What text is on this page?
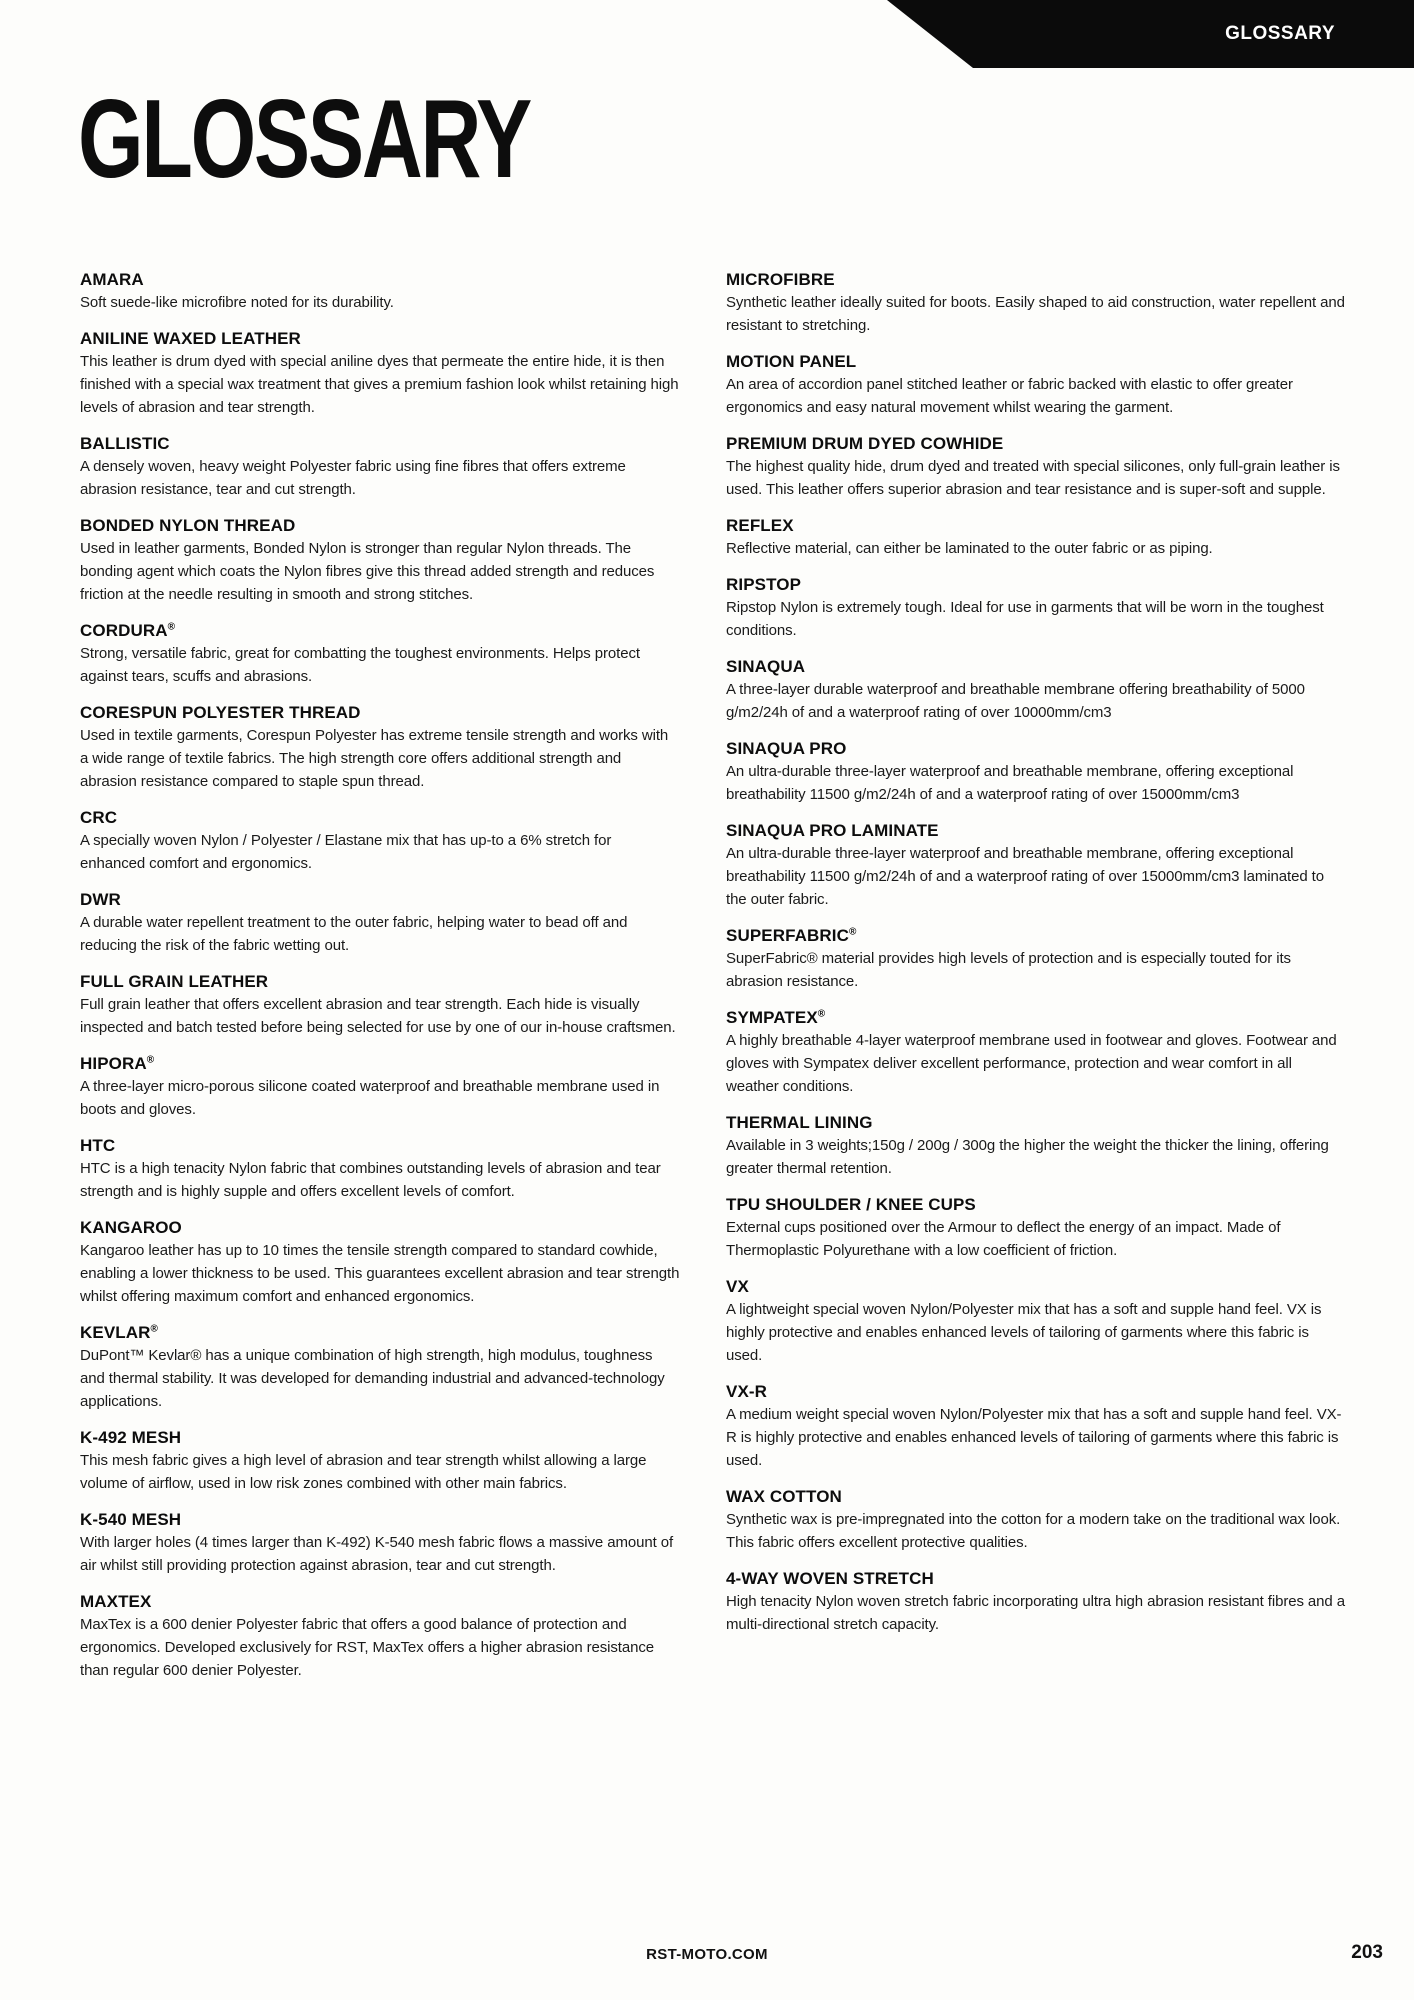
GLOSSARY
GLOSSARY
AMARA

Soft suede-like microfibre noted for its durability.

ANILINE WAXED LEATHER

This leather is drum dyed with special aniline dyes that permeate the entire hide, it is then finished with a special wax treatment that gives a premium fashion look whilst retaining high levels of abrasion and tear strength.

BALLISTIC

A densely woven, heavy weight Polyester fabric using fine fibres that offers extreme abrasion resistance, tear and cut strength.

BONDED NYLON THREAD

Used in leather garments, Bonded Nylon is stronger than regular Nylon threads. The bonding agent which coats the Nylon fibres give this thread added strength and reduces friction at the needle resulting in smooth and strong stitches.

CORDURA®

Strong, versatile fabric, great for combatting the toughest environments. Helps protect against tears, scuffs and abrasions.

CORESPUN POLYESTER THREAD

Used in textile garments, Corespun Polyester has extreme tensile strength and works with a wide range of textile fabrics. The high strength core offers additional strength and abrasion resistance compared to staple spun thread.

CRC

A specially woven Nylon / Polyester / Elastane mix that has up-to a 6% stretch for enhanced comfort and ergonomics.

DWR

A durable water repellent treatment to the outer fabric, helping water to bead off and reducing the risk of the fabric wetting out.

FULL GRAIN LEATHER

Full grain leather that offers excellent abrasion and tear strength. Each hide is visually inspected and batch tested before being selected for use by one of our in-house craftsmen.

HIPORA®

A three-layer micro-porous silicone coated waterproof and breathable membrane used in boots and gloves.

HTC

HTC is a high tenacity Nylon fabric that combines outstanding levels of abrasion and tear strength and is highly supple and offers excellent levels of comfort.

KANGAROO

Kangaroo leather has up to 10 times the tensile strength compared to standard cowhide, enabling a lower thickness to be used. This guarantees excellent abrasion and tear strength whilst offering maximum comfort and enhanced ergonomics.

KEVLAR®

DuPont™ Kevlar® has a unique combination of high strength, high modulus, toughness and thermal stability. It was developed for demanding industrial and advanced-technology applications.

K-492 MESH

This mesh fabric gives a high level of abrasion and tear strength whilst allowing a large volume of airflow, used in low risk zones combined with other main fabrics.

K-540 MESH

With larger holes (4 times larger than K-492) K-540 mesh fabric flows a massive amount of air whilst still providing protection against abrasion, tear and cut strength.

MAXTEX

MaxTex is a 600 denier Polyester fabric that offers a good balance of protection and ergonomics. Developed exclusively for RST, MaxTex offers a higher abrasion resistance than regular 600 denier Polyester.

MICROFIBRE

Synthetic leather ideally suited for boots. Easily shaped to aid construction, water repellent and resistant to stretching.

MOTION PANEL

An area of accordion panel stitched leather or fabric backed with elastic to offer greater ergonomics and easy natural movement whilst wearing the garment.

PREMIUM DRUM DYED COWHIDE

The highest quality hide, drum dyed and treated with special silicones, only full-grain leather is used. This leather offers superior abrasion and tear resistance and is super-soft and supple.

REFLEX

Reflective material, can either be laminated to the outer fabric or as piping.

RIPSTOP

Ripstop Nylon is extremely tough. Ideal for use in garments that will be worn in the toughest conditions.

SINAQUA

A three-layer durable waterproof and breathable membrane offering breathability of 5000 g/m2/24h of and a waterproof rating of over 10000mm/cm3

SINAQUA PRO

An ultra-durable three-layer waterproof and breathable membrane, offering exceptional breathability 11500 g/m2/24h of and a waterproof rating of over 15000mm/cm3

SINAQUA PRO LAMINATE

An ultra-durable three-layer waterproof and breathable membrane, offering exceptional breathability 11500 g/m2/24h of and a waterproof rating of over 15000mm/cm3 laminated to the outer fabric.

SUPERFABRIC®

SuperFabric® material provides high levels of protection and is especially touted for its abrasion resistance.

SYMPATEX®

A highly breathable 4-layer waterproof membrane used in footwear and gloves. Footwear and gloves with Sympatex deliver excellent performance, protection and wear comfort in all weather conditions.

THERMAL LINING

Available in 3 weights;150g / 200g / 300g the higher the weight the thicker the lining, offering greater thermal retention.

TPU SHOULDER / KNEE CUPS

External cups positioned over the Armour to deflect the energy of an impact. Made of Thermoplastic Polyurethane with a low coefficient of friction.

VX

A lightweight special woven Nylon/Polyester mix that has a soft and supple hand feel. VX is highly protective and enables enhanced levels of tailoring of garments where this fabric is used.

VX-R

A medium weight special woven Nylon/Polyester mix that has a soft and supple hand feel. VX-R is highly protective and enables enhanced levels of tailoring of garments where this fabric is used.

WAX COTTON

Synthetic wax is pre-impregnated into the cotton for a modern take on the traditional wax look. This fabric offers excellent protective qualities.

4-WAY WOVEN STRETCH

High tenacity Nylon woven stretch fabric incorporating ultra high abrasion resistant fibres and a multi-directional stretch capacity.

RST-MOTO.COM	203
